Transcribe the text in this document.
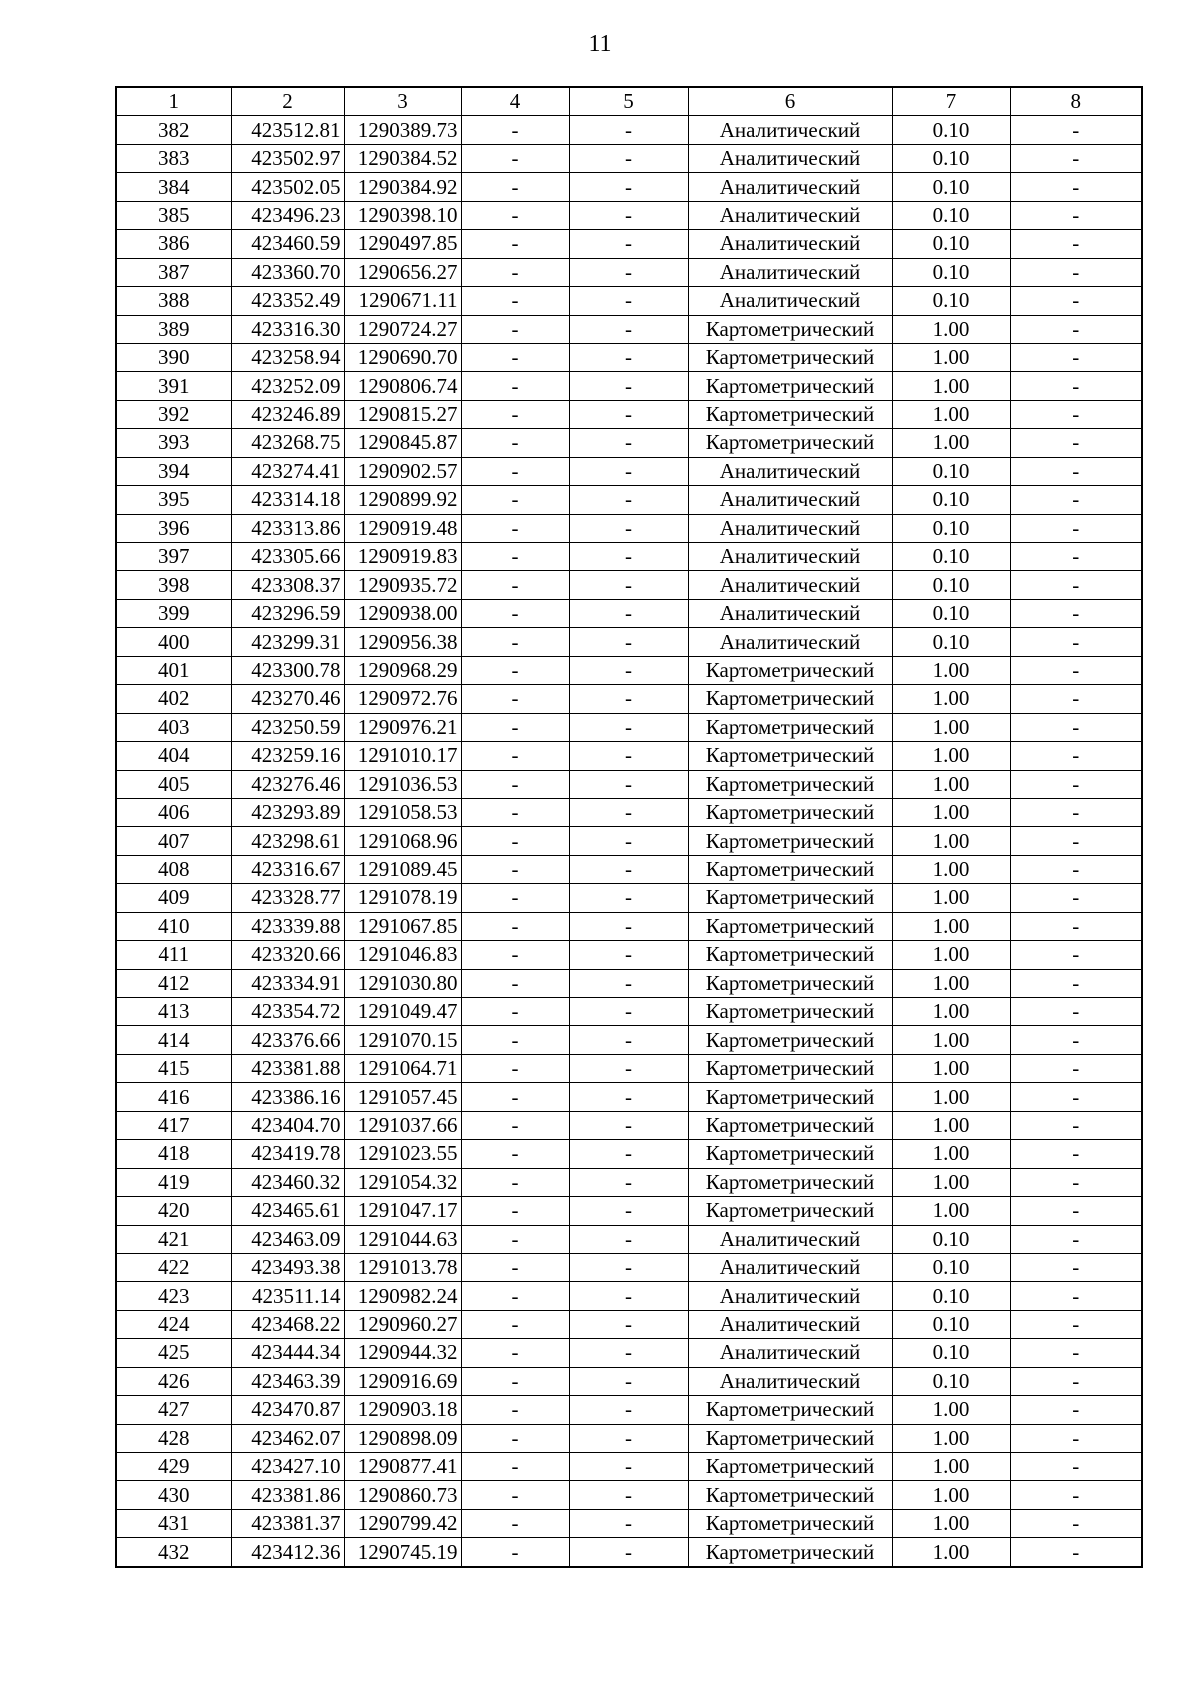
11
1	2	3	4	5	6	7	8
382	423512.81	1290389.73	-	-	Аналитический	0.10	-
383	423502.97	1290384.52	-	-	Аналитический	0.10	-
384	423502.05	1290384.92	-	-	Аналитический	0.10	-
385	423496.23	1290398.10	-	-	Аналитический	0.10	-
386	423460.59	1290497.85	-	-	Аналитический	0.10	-
387	423360.70	1290656.27	-	-	Аналитический	0.10	-
388	423352.49	1290671.11	-	-	Аналитический	0.10	-
389	423316.30	1290724.27	-	-	Картометрический	1.00	-
390	423258.94	1290690.70	-	-	Картометрический	1.00	-
391	423252.09	1290806.74	-	-	Картометрический	1.00	-
392	423246.89	1290815.27	-	-	Картометрический	1.00	-
393	423268.75	1290845.87	-	-	Картометрический	1.00	-
394	423274.41	1290902.57	-	-	Аналитический	0.10	-
395	423314.18	1290899.92	-	-	Аналитический	0.10	-
396	423313.86	1290919.48	-	-	Аналитический	0.10	-
397	423305.66	1290919.83	-	-	Аналитический	0.10	-
398	423308.37	1290935.72	-	-	Аналитический	0.10	-
399	423296.59	1290938.00	-	-	Аналитический	0.10	-
400	423299.31	1290956.38	-	-	Аналитический	0.10	-
401	423300.78	1290968.29	-	-	Картометрический	1.00	-
402	423270.46	1290972.76	-	-	Картометрический	1.00	-
403	423250.59	1290976.21	-	-	Картометрический	1.00	-
404	423259.16	1291010.17	-	-	Картометрический	1.00	-
405	423276.46	1291036.53	-	-	Картометрический	1.00	-
406	423293.89	1291058.53	-	-	Картометрический	1.00	-
407	423298.61	1291068.96	-	-	Картометрический	1.00	-
408	423316.67	1291089.45	-	-	Картометрический	1.00	-
409	423328.77	1291078.19	-	-	Картометрический	1.00	-
410	423339.88	1291067.85	-	-	Картометрический	1.00	-
411	423320.66	1291046.83	-	-	Картометрический	1.00	-
412	423334.91	1291030.80	-	-	Картометрический	1.00	-
413	423354.72	1291049.47	-	-	Картометрический	1.00	-
414	423376.66	1291070.15	-	-	Картометрический	1.00	-
415	423381.88	1291064.71	-	-	Картометрический	1.00	-
416	423386.16	1291057.45	-	-	Картометрический	1.00	-
417	423404.70	1291037.66	-	-	Картометрический	1.00	-
418	423419.78	1291023.55	-	-	Картометрический	1.00	-
419	423460.32	1291054.32	-	-	Картометрический	1.00	-
420	423465.61	1291047.17	-	-	Картометрический	1.00	-
421	423463.09	1291044.63	-	-	Аналитический	0.10	-
422	423493.38	1291013.78	-	-	Аналитический	0.10	-
423	423511.14	1290982.24	-	-	Аналитический	0.10	-
424	423468.22	1290960.27	-	-	Аналитический	0.10	-
425	423444.34	1290944.32	-	-	Аналитический	0.10	-
426	423463.39	1290916.69	-	-	Аналитический	0.10	-
427	423470.87	1290903.18	-	-	Картометрический	1.00	-
428	423462.07	1290898.09	-	-	Картометрический	1.00	-
429	423427.10	1290877.41	-	-	Картометрический	1.00	-
430	423381.86	1290860.73	-	-	Картометрический	1.00	-
431	423381.37	1290799.42	-	-	Картометрический	1.00	-
432	423412.36	1290745.19	-	-	Картометрический	1.00	-
